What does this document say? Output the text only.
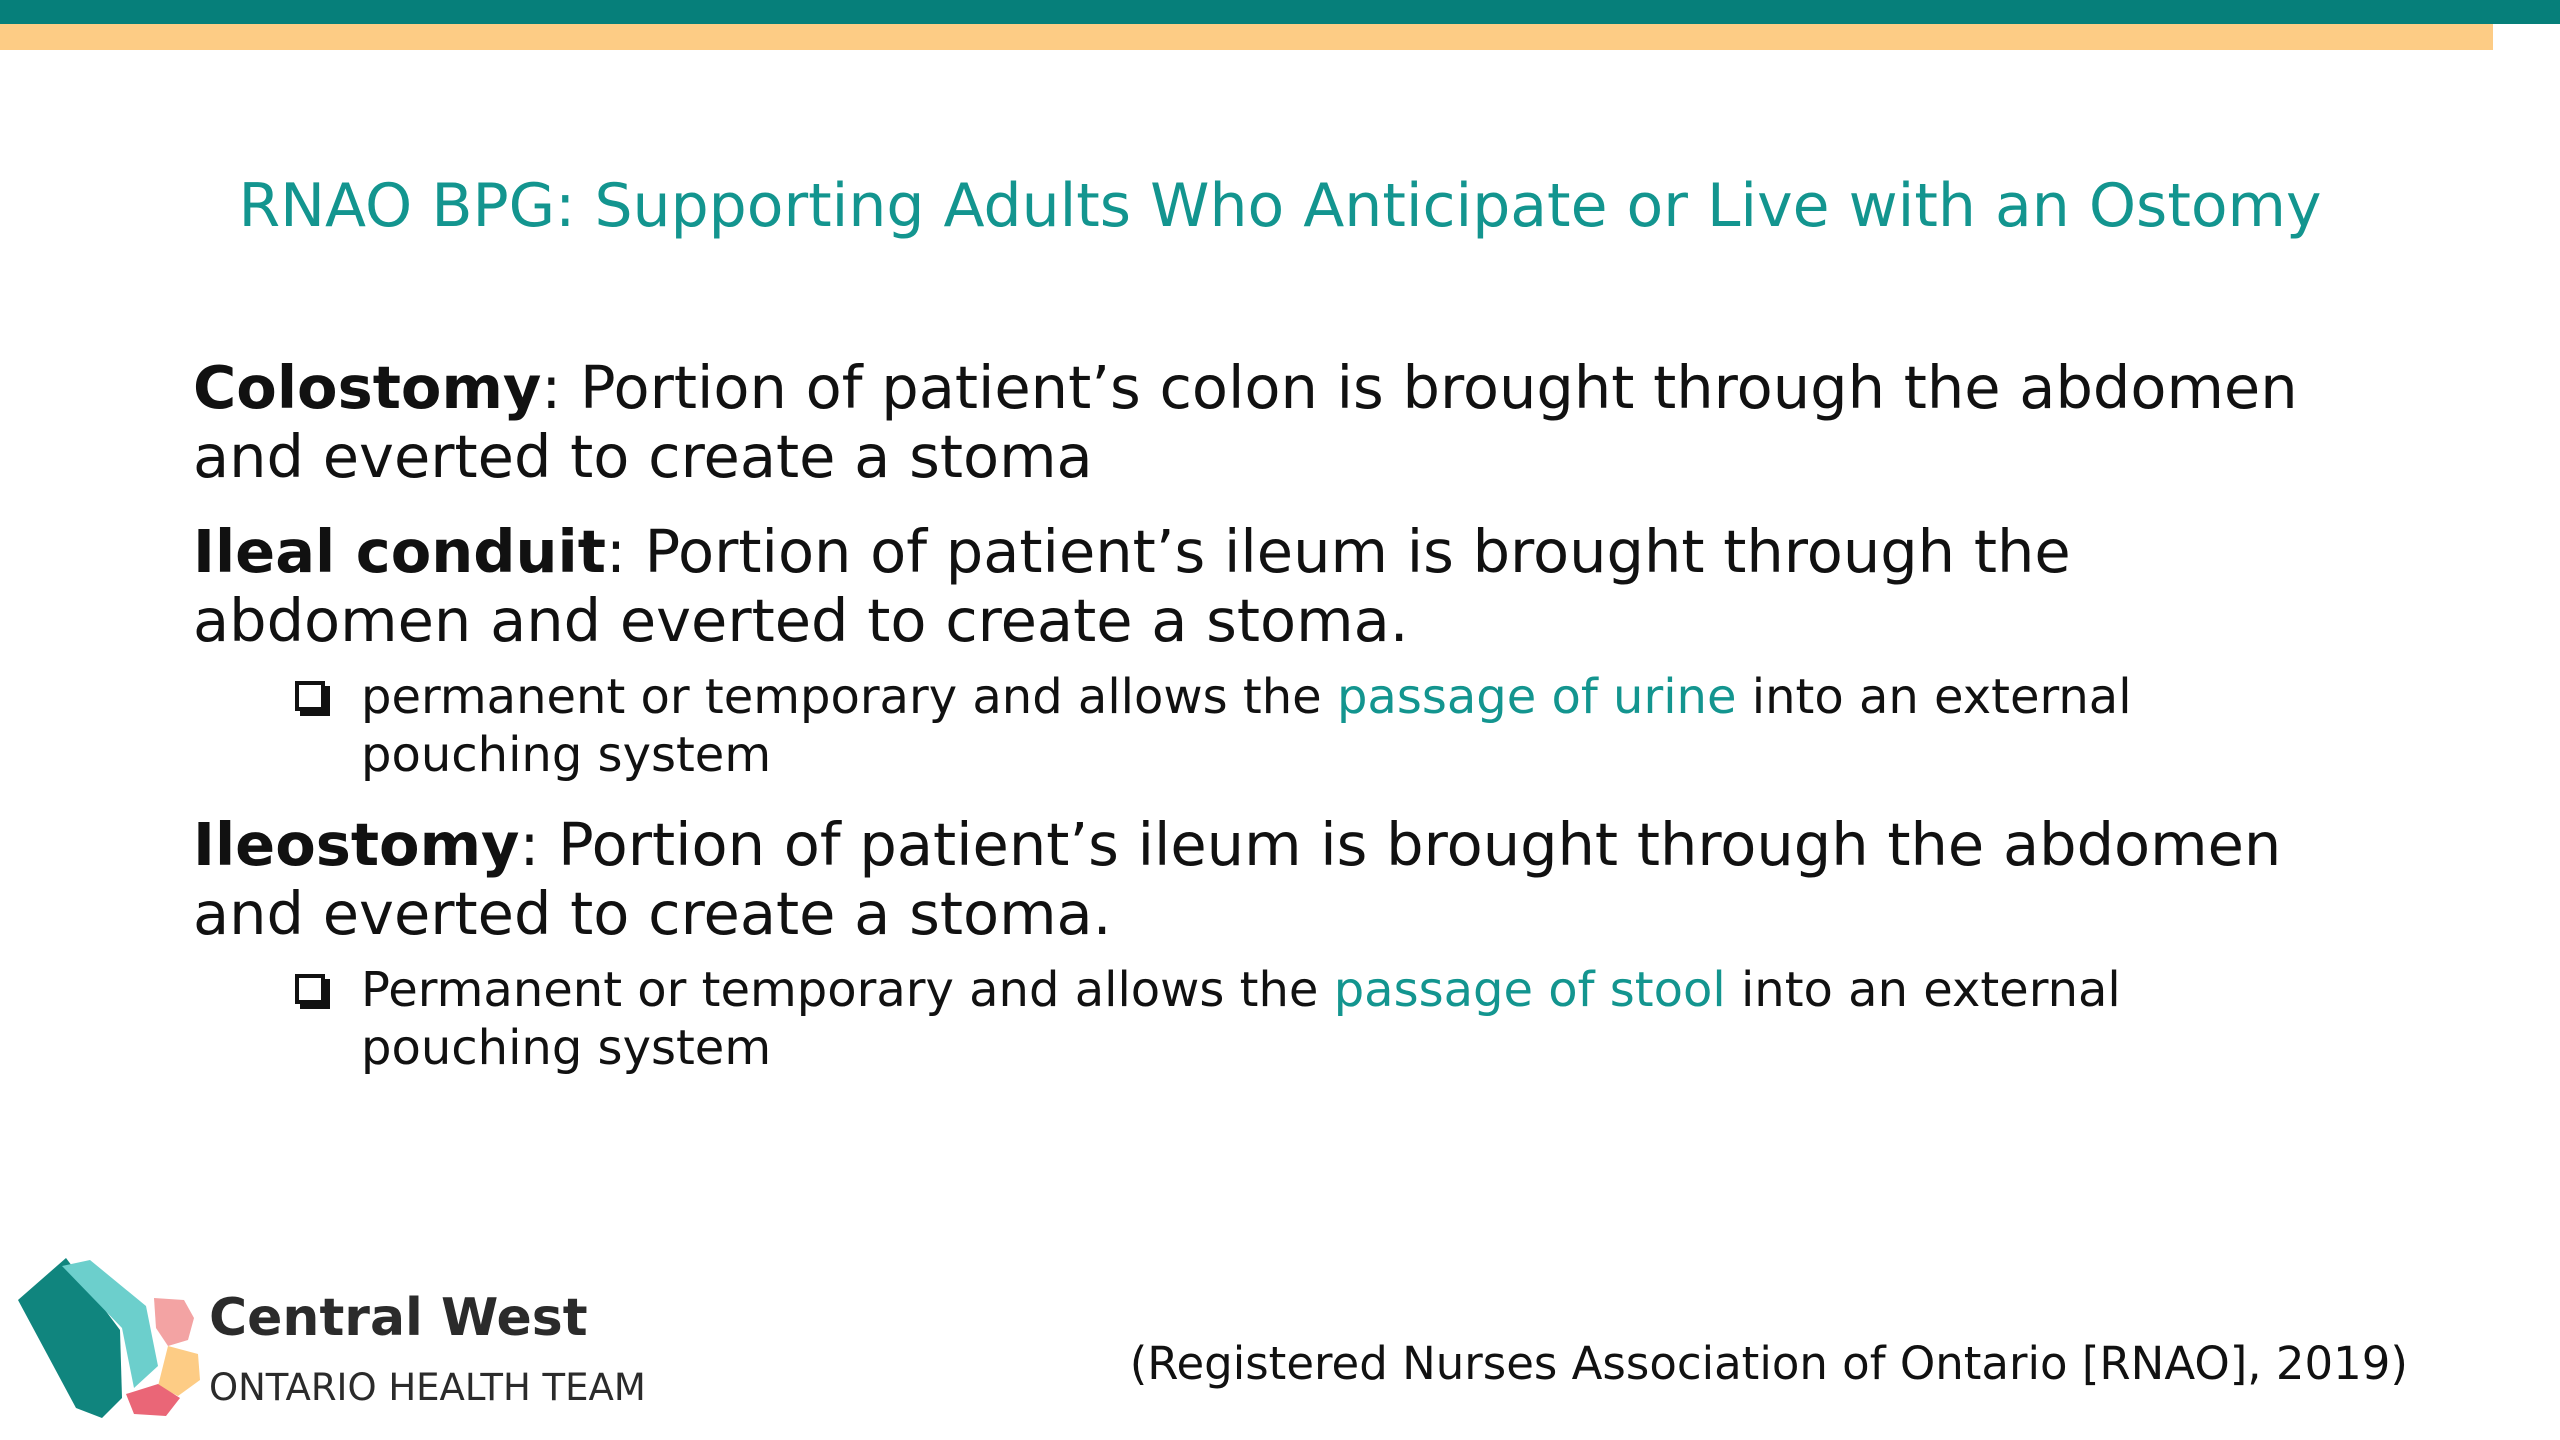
RNAO BPG: Supporting Adults Who Anticipate or Live with an Ostomy
Colostomy: Portion of patient’s colon is brought through the abdomen and everted to create a stoma
Ileal conduit: Portion of patient’s ileum is brought through the abdomen and everted to create a stoma.
permanent or temporary and allows the passage of urine into an external pouching system
Ileostomy: Portion of patient’s ileum is brought through the abdomen and everted to create a stoma.
Permanent or temporary and allows the passage of stool into an external pouching system
Central West
ONTARIO HEALTH TEAM	(Registered Nurses Association of Ontario [RNAO], 2019)
